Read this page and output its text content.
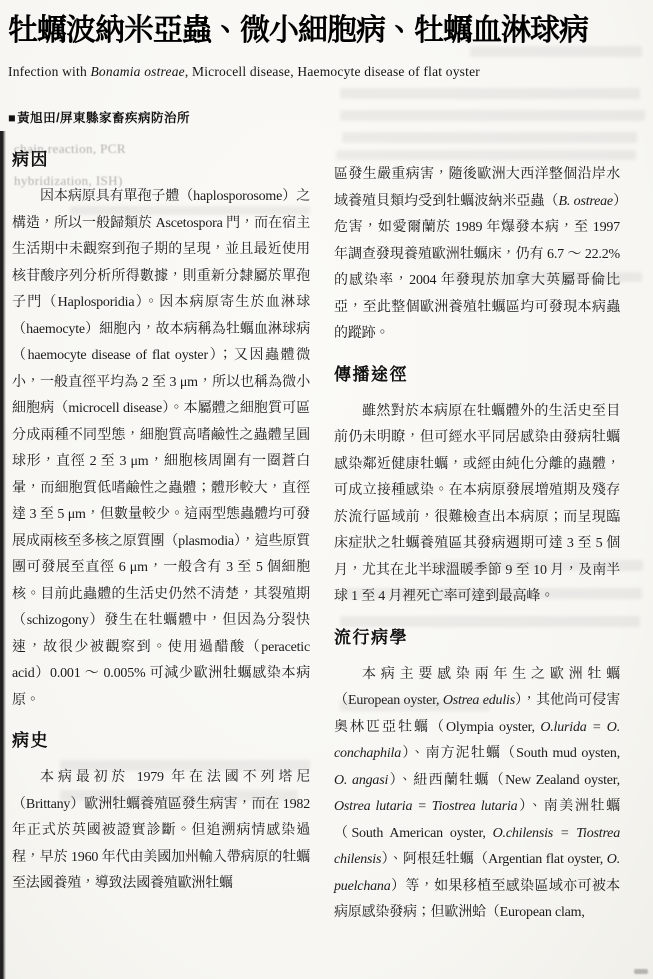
chain reaction, PCR
hybridization, ISH)
牡蠣波納米亞蟲、微小細胞病、牡蠣血淋球病

Infection with Bonamia ostreae, Microcell disease, Haemocyte disease of flat oyster

■黃旭田/屏東縣家畜疾病防治所

病因

因本病原具有單孢子體（haplosporosome）之構造，所以一般歸類於 Ascetospora 門，而在宿主生活期中未觀察到孢子期的呈現，並且最近使用核苷酸序列分析所得數據，則重新分隸屬於單孢子門（Haplosporidia）。因本病原寄生於血淋球（haemocyte）細胞內，故本病稱為牡蠣血淋球病（haemocyte disease of flat oyster）；又因蟲體微小，一般直徑平均為 2 至 3 μm，所以也稱為微小細胞病（microcell disease）。本屬體之細胞質可區分成兩種不同型態，細胞質高嗜鹼性之蟲體呈圓球形，直徑 2 至 3 μm，細胞核周圍有一圈蒼白暈，而細胞質低嗜鹼性之蟲體；體形較大，直徑達 3 至 5 μm，但數量較少。這兩型態蟲體均可發展成兩核至多核之原質團（plasmodia），這些原質團可發展至直徑 6 μm，一般含有 3 至 5 個細胞核。目前此蟲體的生活史仍然不清楚，其裂殖期（schizogony）發生在牡蠣體中，但因為分裂快速，故很少被觀察到。使用過醋酸（peracetic acid）0.001 ～ 0.005% 可減少歐洲牡蠣感染本病原。

病史

本病最初於 1979 年在法國不列塔尼（Brittany）歐洲牡蠣養殖區發生病害，而在 1982 年正式於英國被證實診斷。但追溯病情感染過程，早於 1960 年代由美國加州輸入帶病原的牡蠣至法國養殖，導致法國養殖歐洲牡蠣

區發生嚴重病害，隨後歐洲大西洋整個沿岸水域養殖貝類均受到牡蠣波納米亞蟲（B. ostreae）危害，如愛爾蘭於 1989 年爆發本病，至 1997 年調查發現養殖歐洲牡蠣床，仍有 6.7 ～ 22.2% 的感染率，2004 年發現於加拿大英屬哥倫比亞，至此整個歐洲養殖牡蠣區均可發現本病蟲的蹤跡。

傳播途徑

雖然對於本病原在牡蠣體外的生活史至目前仍未明瞭，但可經水平同居感染由發病牡蠣感染鄰近健康牡蠣，或經由純化分離的蟲體，可成立接種感染。在本病原發展增殖期及殘存於流行區域前，很難檢查出本病原；而呈現臨床症狀之牡蠣養殖區其發病週期可達 3 至 5 個月，尤其在北半球溫暖季節 9 至 10 月，及南半球 1 至 4 月裡死亡率可達到最高峰。

流行病學

本病主要感染兩年生之歐洲牡蠣（European oyster, Ostrea edulis），其他尚可侵害奧林匹亞牡蠣（Olympia oyster, O.lurida = O. conchaphila）、南方泥牡蠣（South mud oysten, O. angasi）、紐西蘭牡蠣（New Zealand oyster, Ostrea lutaria = Tiostrea lutaria）、南美洲牡蠣（South American oyster, O.chilensis = Tiostrea chilensis）、阿根廷牡蠣（Argentian flat oyster, O. puelchana）等，如果移植至感染區域亦可被本病原感染發病；但歐洲蛤（European clam,
